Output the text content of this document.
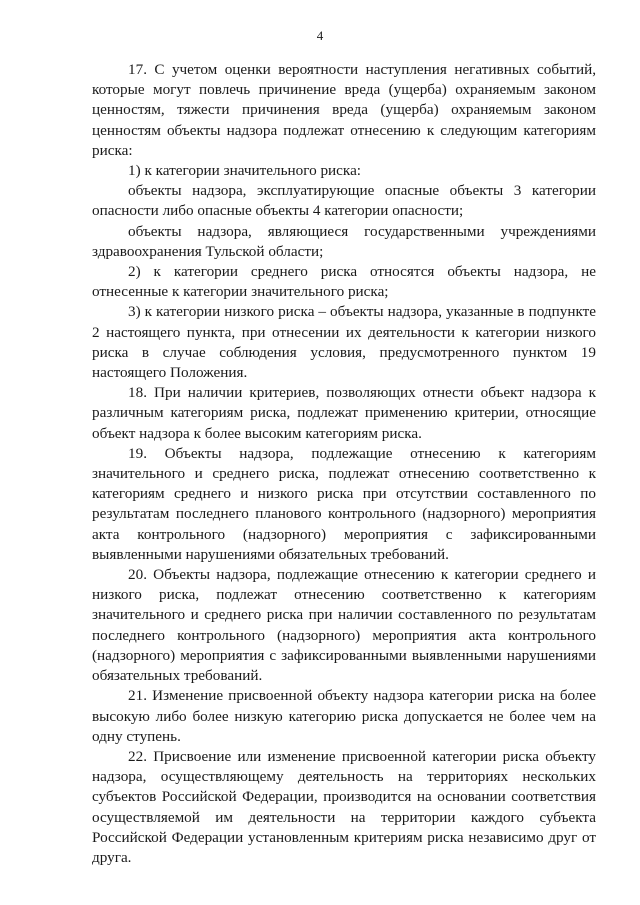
4

17. С учетом оценки вероятности наступления негативных событий, которые могут повлечь причинение вреда (ущерба) охраняемым законом ценностям, тяжести причинения вреда (ущерба) охраняемым законом ценностям объекты надзора подлежат отнесению к следующим категориям риска:

1) к категории значительного риска:

объекты надзора, эксплуатирующие опасные объекты 3 категории опасности либо опасные объекты 4 категории опасности;

объекты надзора, являющиеся государственными учреждениями здравоохранения Тульской области;

2) к категории среднего риска относятся объекты надзора, не отнесенные к категории значительного риска;

3) к категории низкого риска – объекты надзора, указанные в подпункте 2 настоящего пункта, при отнесении их деятельности к категории низкого риска в случае соблюдения условия, предусмотренного пунктом 19 настоящего Положения.

18. При наличии критериев, позволяющих отнести объект надзора к различным категориям риска, подлежат применению критерии, относящие объект надзора к более высоким категориям риска.

19. Объекты надзора, подлежащие отнесению к категориям значительного и среднего риска, подлежат отнесению соответственно к категориям среднего и низкого риска при отсутствии составленного по результатам последнего планового контрольного (надзорного) мероприятия акта контрольного (надзорного) мероприятия с зафиксированными выявленными нарушениями обязательных требований.

20. Объекты надзора, подлежащие отнесению к категории среднего и низкого риска, подлежат отнесению соответственно к категориям значительного и среднего риска при наличии составленного по результатам последнего контрольного (надзорного) мероприятия акта контрольного (надзорного) мероприятия с зафиксированными выявленными нарушениями обязательных требований.

21. Изменение присвоенной объекту надзора категории риска на более высокую либо более низкую категорию риска допускается не более чем на одну ступень.

22. Присвоение или изменение присвоенной категории риска объекту надзора, осуществляющему деятельность на территориях нескольких субъектов Российской Федерации, производится на основании соответствия осуществляемой им деятельности на территории каждого субъекта Российской Федерации установленным критериям риска независимо друг от друга.
